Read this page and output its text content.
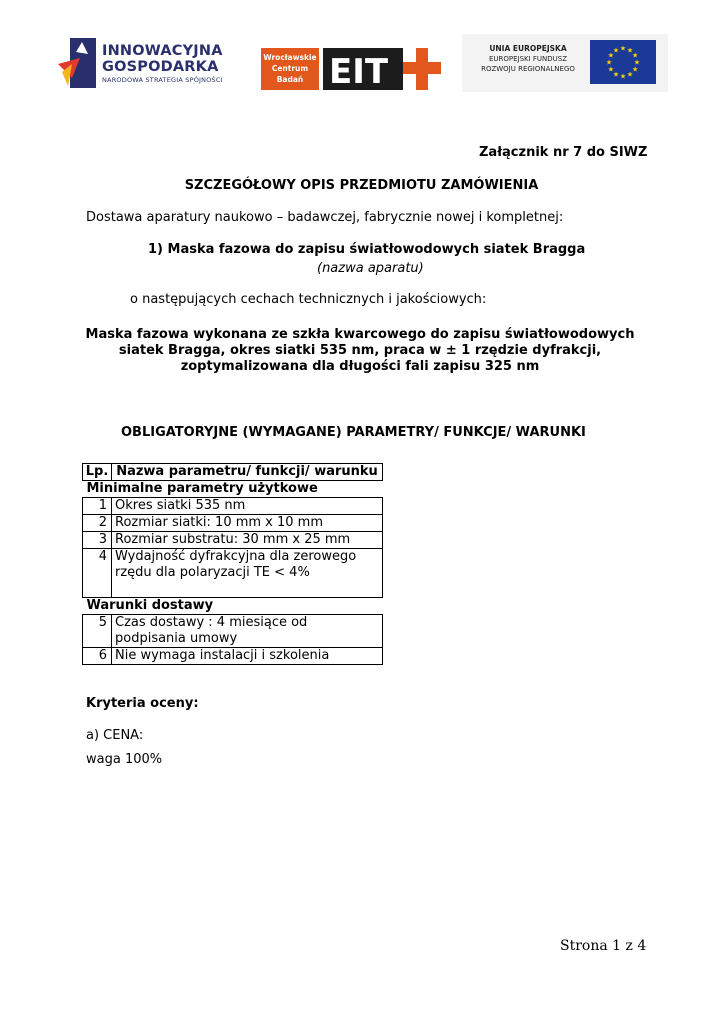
INNOWACYJNA
GOSPODARKA
NARODOWA STRATEGIA SPÓJNOŚCI
Wrocławskie
Centrum
Badań EIT
UNIA EUROPEJSKA
EUROPEJSKI FUNDUSZ
ROZWOJU REGIONALNEGO
★ ★
★
★
★
★
★
★
★
★
★
★
Załącznik nr 7 do SIWZ
SZCZEGÓŁOWY OPIS PRZEDMIOTU ZAMÓWIENIA
Dostawa aparatury naukowo – badawczej, fabrycznie nowej i kompletnej:
1) Maska fazowa do zapisu światłowodowych siatek Bragga
(nazwa aparatu)
o następujących cechach technicznych i jakościowych:
Maska fazowa wykonana ze szkła kwarcowego do zapisu światłowodowych
siatek Bragga, okres siatki 535 nm, praca w ± 1 rzędzie dyfrakcji,
zoptymalizowana dla długości fali zapisu 325 nm
OBLIGATORYJNE (WYMAGANE) PARAMETRY/ FUNKCJE/ WARUNKI
Lp.	Nazwa parametru/ funkcji/ warunku
Minimalne parametry użytkowe	
1	Okres siatki 535 nm
2	Rozmiar siatki: 10 mm x 10 mm
3	Rozmiar substratu: 30 mm x 25 mm
4	Wydajność dyfrakcyjna dla zerowego rzędu dla polaryzacji TE < 4%
Warunki dostawy	
5	Czas dostawy : 4 miesiące od podpisania umowy
6	Nie wymaga instalacji i szkolenia
Kryteria oceny:
a) CENA:
waga 100%
Strona 1 z 4
